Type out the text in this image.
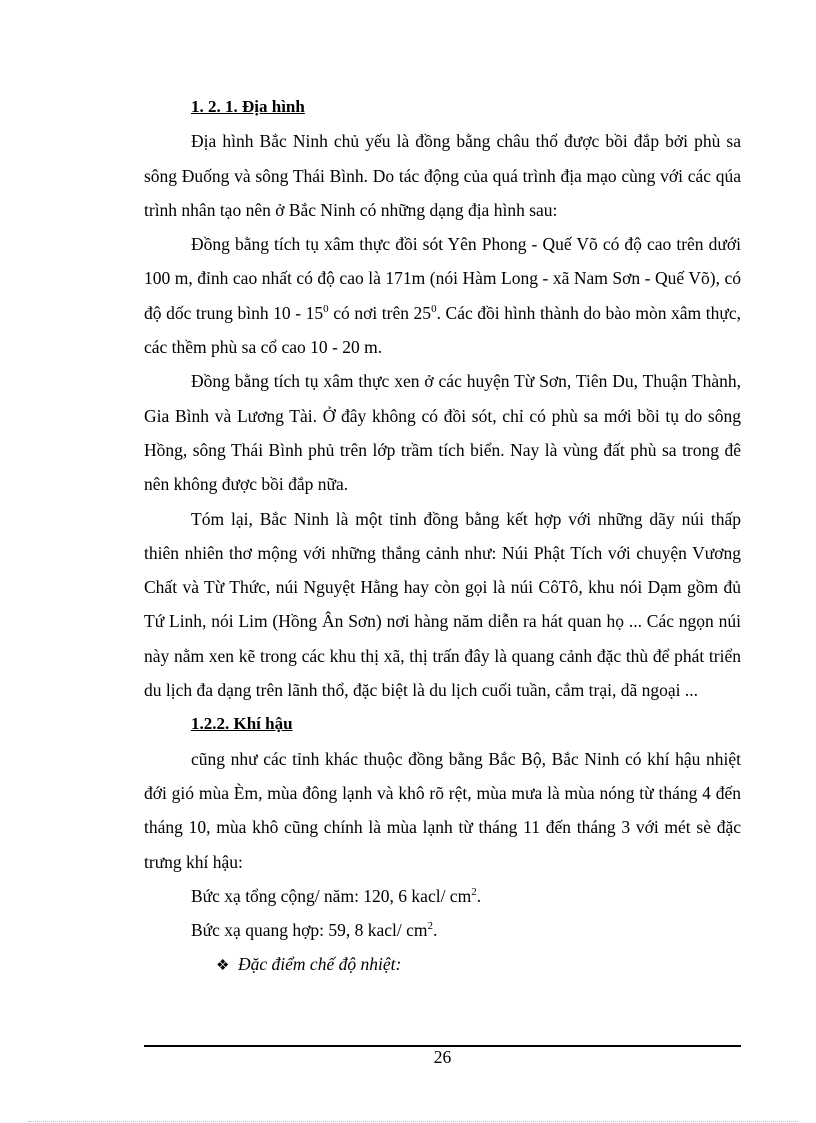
1. 2. 1. Địa hình

Địa hình Bắc Ninh chủ yếu là đồng bằng châu thổ được bồi đắp bởi phù sa sông Đuống và sông Thái Bình. Do tác động của quá trình địa mạo cùng với các qúa trình nhân tạo nên ở Bắc Ninh có những dạng địa hình sau:

Đồng bằng tích tụ xâm thực đồi sót Yên Phong - Quế Võ có độ cao trên dưới 100 m, đỉnh cao nhất có độ cao là 171m (nói Hàm Long - xã Nam Sơn - Quế Võ), có độ dốc trung bình $10 - 15^0$ có nơi trên $25^0$. Các đồi hình thành do bào mòn xâm thực, các thềm phù sa cổ cao 10 - 20 m.

Đồng bằng tích tụ xâm thực xen ở các huyện Từ Sơn, Tiên Du, Thuận Thành, Gia Bình và Lương Tài. Ở đây không có đồi sót, chỉ có phù sa mới bồi tụ do sông Hồng, sông Thái Bình phủ trên lớp trầm tích biển. Nay là vùng đất phù sa trong đê nên không được bồi đắp nữa.

Tóm lại, Bắc Ninh là một tỉnh đồng bằng kết hợp với những dãy núi thấp thiên nhiên thơ mộng với những thắng cảnh như: Núi Phật Tích với chuyện Vương Chất và Từ Thức, núi Nguyệt Hằng hay còn gọi là núi CôTô, khu nói Dạm gồm đủ Tứ Linh, nói Lim (Hồng Ân Sơn) nơi hàng năm diễn ra hát quan họ ... Các ngọn núi này nằm xen kẽ trong các khu thị xã, thị trấn đây là quang cảnh đặc thù để phát triển du lịch đa dạng trên lãnh thổ, đặc biệt là du lịch cuối tuần, cắm trại, dã ngoại ...

1.2.2. Khí hậu

cũng như các tỉnh khác thuộc đồng bằng Bắc Bộ, Bắc Ninh có khí hậu nhiệt đới gió mùa Èm, mùa đông lạnh và khô rõ rệt, mùa mưa là mùa nóng từ tháng 4 đến tháng 10, mùa khô cũng chính là mùa lạnh từ tháng 11 đến tháng 3 với mét sè đặc trưng khí hậu:

Bức xạ tổng cộng/ năm: 120, 6 kacl/ $cm^2$.

Bức xạ quang hợp: 59, 8 kacl/ $cm^2$.

❖ Đặc điểm chế độ nhiệt:

26
